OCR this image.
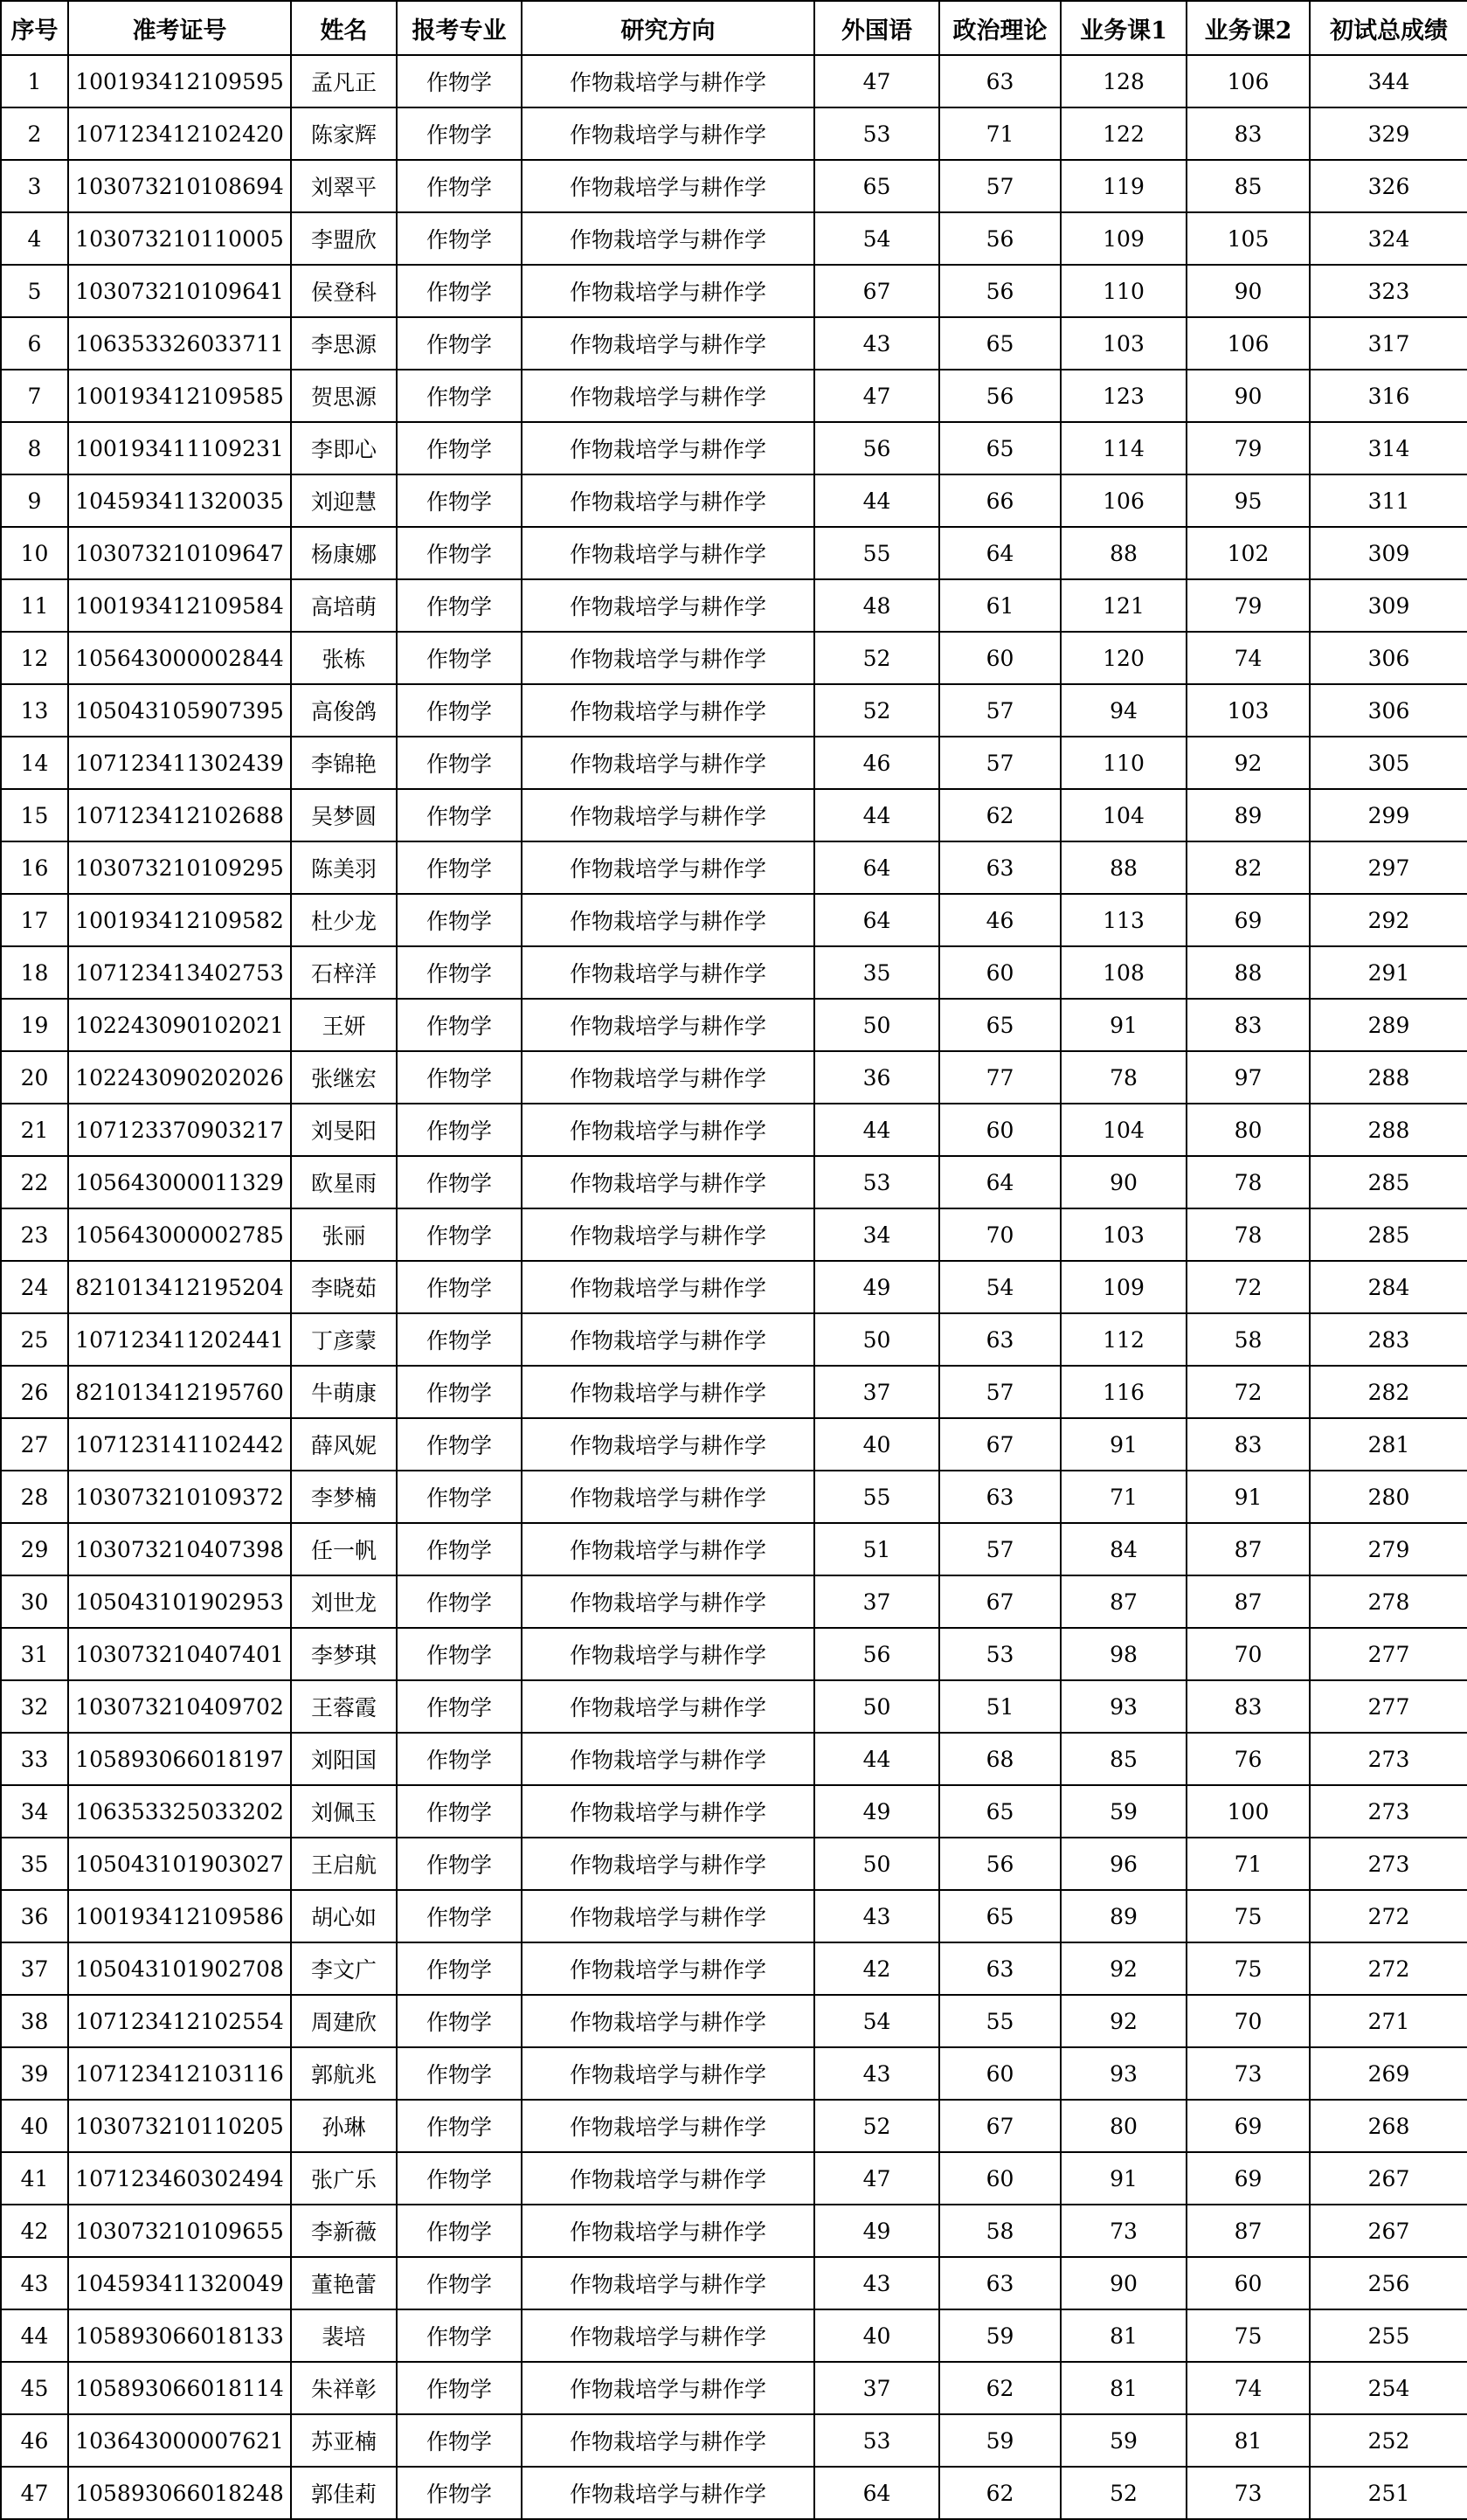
序号	准考证号	姓名	报考专业	研究方向	外国语	政治理论	业务课1	业务课2	初试总成绩
1	100193412109595	孟凡正	作物学	作物栽培学与耕作学	47	63	128	106	344
2	107123412102420	陈家辉	作物学	作物栽培学与耕作学	53	71	122	83	329
3	103073210108694	刘翠平	作物学	作物栽培学与耕作学	65	57	119	85	326
4	103073210110005	李盟欣	作物学	作物栽培学与耕作学	54	56	109	105	324
5	103073210109641	侯登科	作物学	作物栽培学与耕作学	67	56	110	90	323
6	106353326033711	李思源	作物学	作物栽培学与耕作学	43	65	103	106	317
7	100193412109585	贺思源	作物学	作物栽培学与耕作学	47	56	123	90	316
8	100193411109231	李即心	作物学	作物栽培学与耕作学	56	65	114	79	314
9	104593411320035	刘迎慧	作物学	作物栽培学与耕作学	44	66	106	95	311
10	103073210109647	杨康娜	作物学	作物栽培学与耕作学	55	64	88	102	309
11	100193412109584	高培萌	作物学	作物栽培学与耕作学	48	61	121	79	309
12	105643000002844	张栋	作物学	作物栽培学与耕作学	52	60	120	74	306
13	105043105907395	高俊鸽	作物学	作物栽培学与耕作学	52	57	94	103	306
14	107123411302439	李锦艳	作物学	作物栽培学与耕作学	46	57	110	92	305
15	107123412102688	吴梦圆	作物学	作物栽培学与耕作学	44	62	104	89	299
16	103073210109295	陈美羽	作物学	作物栽培学与耕作学	64	63	88	82	297
17	100193412109582	杜少龙	作物学	作物栽培学与耕作学	64	46	113	69	292
18	107123413402753	石梓洋	作物学	作物栽培学与耕作学	35	60	108	88	291
19	102243090102021	王妍	作物学	作物栽培学与耕作学	50	65	91	83	289
20	102243090202026	张继宏	作物学	作物栽培学与耕作学	36	77	78	97	288
21	107123370903217	刘旻阳	作物学	作物栽培学与耕作学	44	60	104	80	288
22	105643000011329	欧星雨	作物学	作物栽培学与耕作学	53	64	90	78	285
23	105643000002785	张丽	作物学	作物栽培学与耕作学	34	70	103	78	285
24	821013412195204	李晓茹	作物学	作物栽培学与耕作学	49	54	109	72	284
25	107123411202441	丁彦蒙	作物学	作物栽培学与耕作学	50	63	112	58	283
26	821013412195760	牛萌康	作物学	作物栽培学与耕作学	37	57	116	72	282
27	107123141102442	薛风妮	作物学	作物栽培学与耕作学	40	67	91	83	281
28	103073210109372	李梦楠	作物学	作物栽培学与耕作学	55	63	71	91	280
29	103073210407398	任一帆	作物学	作物栽培学与耕作学	51	57	84	87	279
30	105043101902953	刘世龙	作物学	作物栽培学与耕作学	37	67	87	87	278
31	103073210407401	李梦琪	作物学	作物栽培学与耕作学	56	53	98	70	277
32	103073210409702	王蓉霞	作物学	作物栽培学与耕作学	50	51	93	83	277
33	105893066018197	刘阳国	作物学	作物栽培学与耕作学	44	68	85	76	273
34	106353325033202	刘佩玉	作物学	作物栽培学与耕作学	49	65	59	100	273
35	105043101903027	王启航	作物学	作物栽培学与耕作学	50	56	96	71	273
36	100193412109586	胡心如	作物学	作物栽培学与耕作学	43	65	89	75	272
37	105043101902708	李文广	作物学	作物栽培学与耕作学	42	63	92	75	272
38	107123412102554	周建欣	作物学	作物栽培学与耕作学	54	55	92	70	271
39	107123412103116	郭航兆	作物学	作物栽培学与耕作学	43	60	93	73	269
40	103073210110205	孙琳	作物学	作物栽培学与耕作学	52	67	80	69	268
41	107123460302494	张广乐	作物学	作物栽培学与耕作学	47	60	91	69	267
42	103073210109655	李新薇	作物学	作物栽培学与耕作学	49	58	73	87	267
43	104593411320049	董艳蕾	作物学	作物栽培学与耕作学	43	63	90	60	256
44	105893066018133	裴培	作物学	作物栽培学与耕作学	40	59	81	75	255
45	105893066018114	朱祥彰	作物学	作物栽培学与耕作学	37	62	81	74	254
46	103643000007621	苏亚楠	作物学	作物栽培学与耕作学	53	59	59	81	252
47	105893066018248	郭佳莉	作物学	作物栽培学与耕作学	64	62	52	73	251
